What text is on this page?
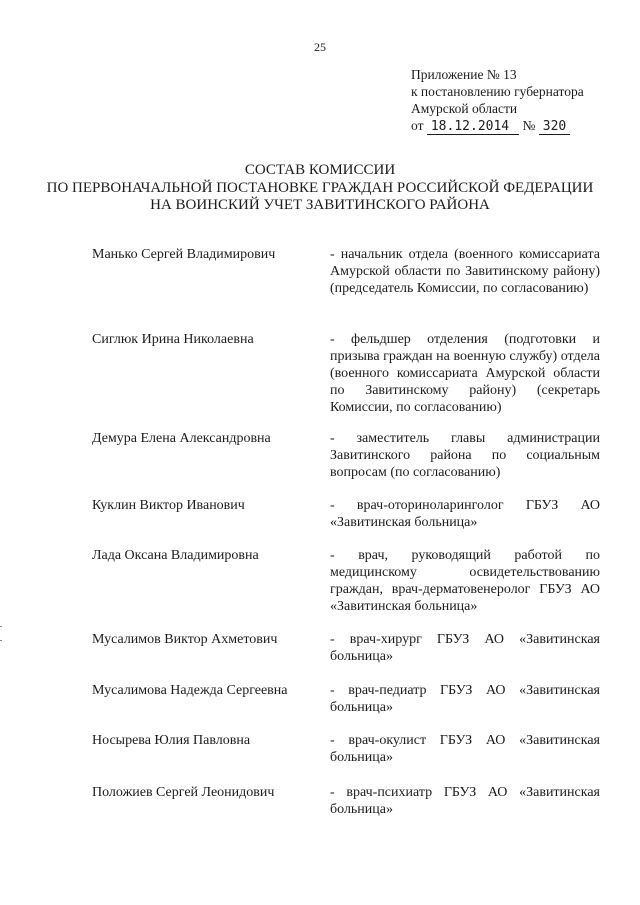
25
Приложение № 13
к постановлению губернатора
Амурской области
от 18.12.2014 № 320
СОСТАВ КОМИССИИ
ПО ПЕРВОНАЧАЛЬНОЙ ПОСТАНОВКЕ ГРАЖДАН РОССИЙСКОЙ ФЕДЕРАЦИИ
НА ВОИНСКИЙ УЧЕТ ЗАВИТИНСКОГО РАЙОНА
Манько Сергей Владимирович	- начальник отдела (военного комиссариата Амурской области по Завитинскому району) (председатель Комиссии, по согласованию)
Сиглюк Ирина Николаевна	- фельдшер отделения (подготовки и призыва граждан на военную службу) отдела (военного комиссариата Амурской области по Завитинскому району) (секретарь Комиссии, по согласованию)
Демура Елена Александровна	- заместитель главы администрации Завитинского района по социальным вопросам (по согласованию)
Куклин Виктор Иванович	- врач-оториноларинголог ГБУЗ АО «Завитинская больница»
Лада Оксана Владимировна	- врач, руководящий работой по медицинскому освидетельствованию граждан, врач-дерматовенеролог ГБУЗ АО «Завитинская больница»
Мусалимов Виктор Ахметович	- врач-хирург ГБУЗ АО «Завитинская больница»
Мусалимова Надежда Сергеевна	- врач-педиатр ГБУЗ АО «Завитинская больница»
Носырева Юлия Павловна	- врач-окулист ГБУЗ АО «Завитинская больница»
Положиев Сергей Леонидович	- врач-психиатр ГБУЗ АО «Завитинская больница»
